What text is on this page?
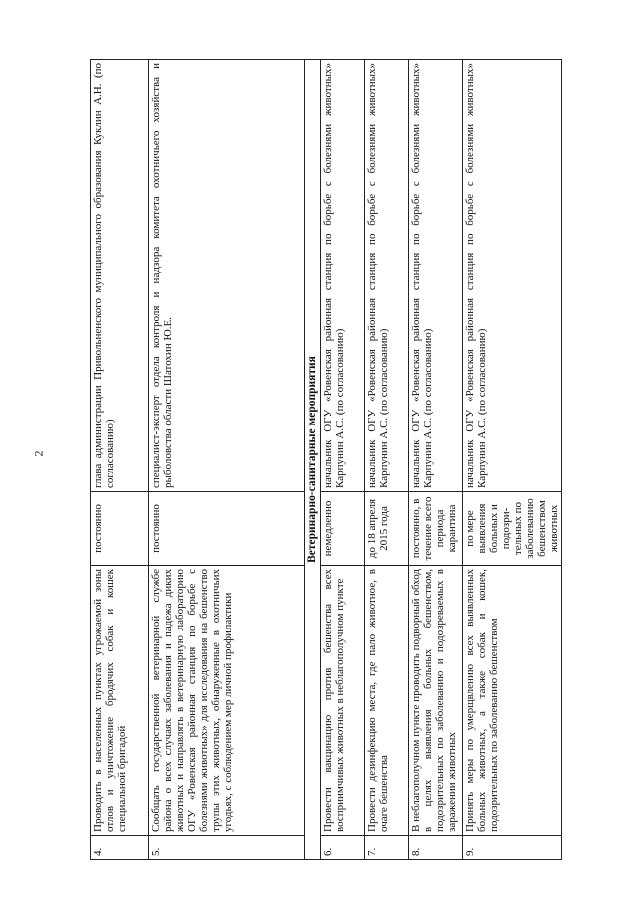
2
4.	Проводить в населенных пунктах угрожаемой зоны отлов и уничтожение бродячих собак и кошек специальной бригадой	постоянно	глава администрации Привольненского муниципального образования Куклин А.Н. (по согласованию)
5.	Сообщать государственной ветеринарной службе района о всех случаях заболевания и падежа диких животных и направлять в ветеринарную лабораторию ОГУ «Ровенская районная станция по борьбе с болезнями животных» для исследования на бешенство трупы этих животных, обнаруженные в охотничьих угодьях, с соблюдением мер личной профилактики	постоянно	специалист-эксперт отдела контроля и надзора комитета охотничьего хозяйства и рыболовства области Шатохин Ю.Е.
Ветеринарно-санитарные мероприятия			
6.	Провести вакцинацию против бешенства всех восприимчивых животных в неблагополучном пункте	немедленно	начальник ОГУ «Ровенская районная станция по борьбе с болезнями животных» Карпунин А.С. (по согласованию)
7.	Провести дезинфекцию места, где пало животное, в очаге бешенства	до 18 апреля 2015 года	начальник ОГУ «Ровенская районная станция по борьбе с болезнями животных» Карпунин А.С. (по согласованию)
8.	В неблагополучном пункте проводить подворный обход в целях выявления больных бешенством, подозрительных по заболеванию и подозреваемых в заражении животных	постоянно, в течение всего периода карантина	начальник ОГУ «Ровенская районная станция по борьбе с болезнями животных» Карпунин А.С. (по согласованию)
9.	Принять меры по умерщвлению всех выявленных больных животных, а также собак и кошек, подозрительных по заболеванию бешенством	по мере выявления больных и подозри-тельных по заболеванию бешенством животных	начальник ОГУ «Ровенская районная станция по борьбе с болезнями животных» Карпунин А.С. (по согласованию)
